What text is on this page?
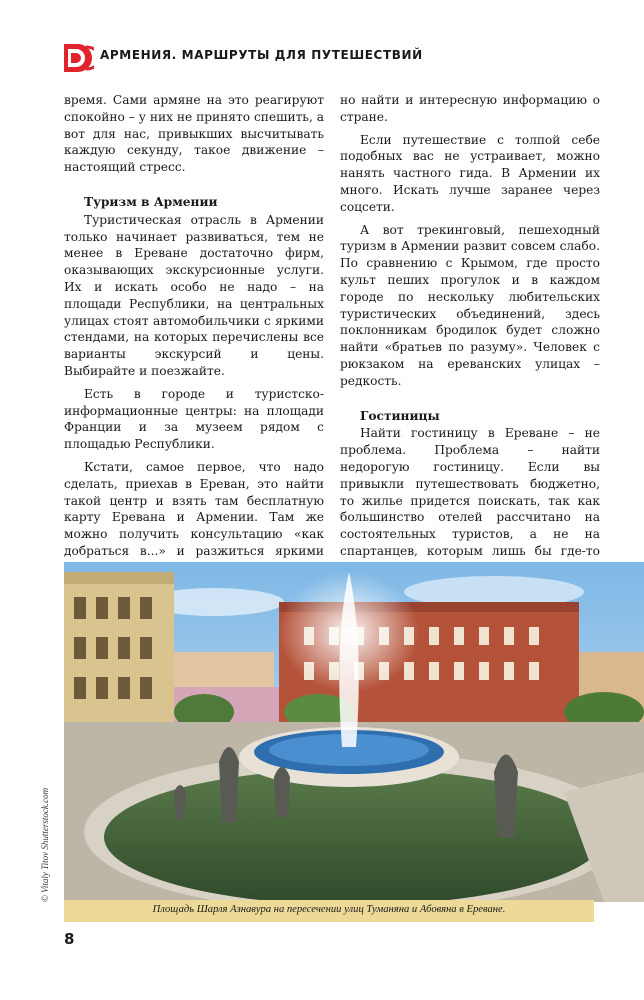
АРМЕНИЯ. МАРШРУТЫ ДЛЯ ПУТЕШЕСТВИЙ

время. Сами армяне на это реагируют спокойно – у них не принято спешить, а вот для нас, привыкших высчитывать каждую секунду, такое движение – настоящий стресс.

Туризм в Армении

Туристическая отрасль в Армении только начинает развиваться, тем не менее в Ереване достаточно фирм, оказывающих экскурсионные услуги. Их и искать особо не надо – на площади Республики, на центральных улицах стоят автомобильчики с яркими стендами, на которых перечислены все варианты экскурсий и цены. Выбирайте и поезжайте.

Есть в городе и туристско-информационные центры: на площади Франции и за музеем рядом с площадью Республики.

Кстати, самое первое, что надо сделать, приехав в Ереван, это найти такой центр и взять там бесплатную карту Еревана и Армении. Там же можно получить консультацию «как добраться в...» и разжиться яркими

но найти и интересную информацию о стране.

Если путешествие с толпой себе подобных вас не устраивает, можно нанять частного гида. В Армении их много. Искать лучше заранее через соцсети.

А вот трекинговый, пешеходный туризм в Армении развит совсем слабо. По сравнению с Крымом, где просто культ пеших прогулок и в каждом городе по нескольку любительских туристических объединений, здесь поклонникам бродилок будет сложно найти «братьев по разуму». Человек с рюкзаком на ереванских улицах – редкость.

Гостиницы

Найти гостиницу в Ереване – не проблема. Проблема – найти недорогую гостиницу. Если вы привыкли путешествовать бюджетно, то жилье придется поискать, так как большинство отелей рассчитано на состоятельных туристов, а не на спартанцев, которым лишь бы где-то

© Vitaly Titov Shutterstock.com
Площадь Шарля Азнавура на пересечении улиц Туманяна и Абовяна в Ереване.
8
